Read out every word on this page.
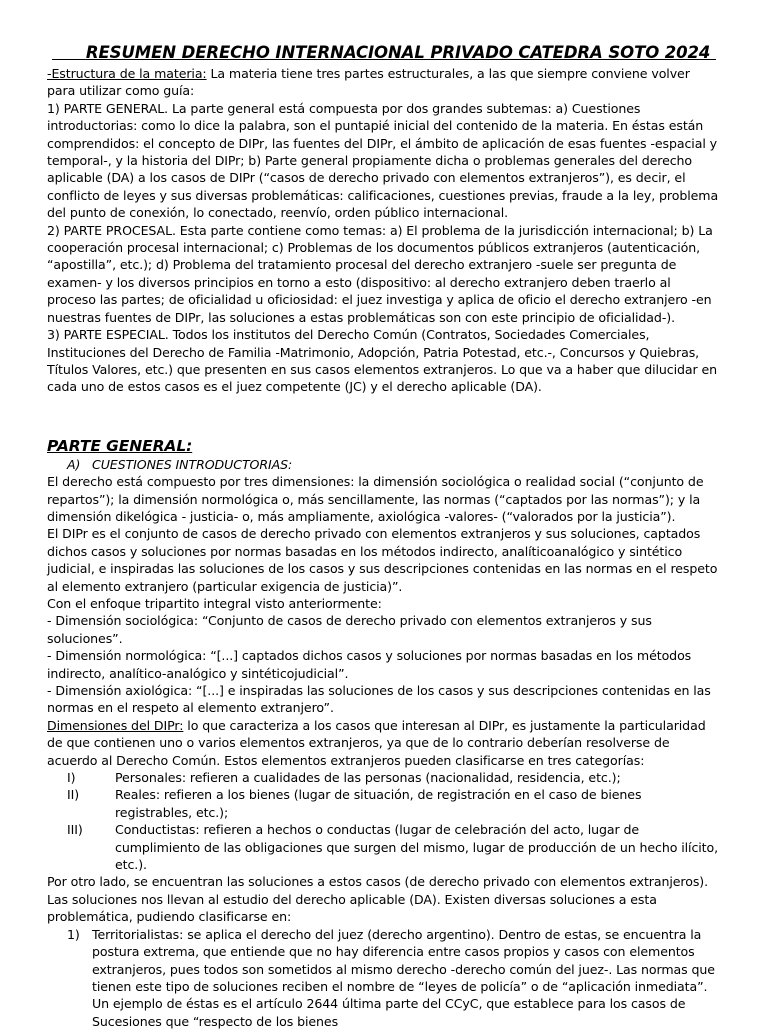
RESUMEN DERECHO INTERNACIONAL PRIVADO CATEDRA SOTO 2024

-Estructura de la materia: La materia tiene tres partes estructurales, a las que siempre conviene volver para utilizar como guía:

1) PARTE GENERAL. La parte general está compuesta por dos grandes subtemas: a) Cuestiones introductorias: como lo dice la palabra, son el puntapié inicial del contenido de la materia. En éstas están comprendidos: el concepto de DIPr, las fuentes del DIPr, el ámbito de aplicación de esas fuentes -espacial y temporal-, y la historia del DIPr; b) Parte general propiamente dicha o problemas generales del derecho aplicable (DA) a los casos de DIPr (“casos de derecho privado con elementos extranjeros”), es decir, el conflicto de leyes y sus diversas problemáticas: calificaciones, cuestiones previas, fraude a la ley, problema del punto de conexión, lo conectado, reenvío, orden público internacional.

2) PARTE PROCESAL. Esta parte contiene como temas: a) El problema de la jurisdicción internacional; b) La cooperación procesal internacional; c) Problemas de los documentos públicos extranjeros (autenticación, “apostilla”, etc.); d) Problema del tratamiento procesal del derecho extranjero -suele ser pregunta de examen- y los diversos principios en torno a esto (dispositivo: al derecho extranjero deben traerlo al proceso las partes; de oficialidad u oficiosidad: el juez investiga y aplica de oficio el derecho extranjero -en nuestras fuentes de DIPr, las soluciones a estas problemáticas son con este principio de oficialidad-).

3) PARTE ESPECIAL. Todos los institutos del Derecho Común (Contratos, Sociedades Comerciales, Instituciones del Derecho de Familia -Matrimonio, Adopción, Patria Potestad, etc.-, Concursos y Quiebras, Títulos Valores, etc.) que presenten en sus casos elementos extranjeros. Lo que va a haber que dilucidar en cada uno de estos casos es el juez competente (JC) y el derecho aplicable (DA).

PARTE GENERAL:

A) CUESTIONES INTRODUCTORIAS:

El derecho está compuesto por tres dimensiones: la dimensión sociológica o realidad social (“conjunto de repartos”); la dimensión normológica o, más sencillamente, las normas (“captados por las normas”); y la dimensión dikelógica - justicia- o, más ampliamente, axiológica -valores- (“valorados por la justicia”).

El DIPr es el conjunto de casos de derecho privado con elementos extranjeros y sus soluciones, captados dichos casos y soluciones por normas basadas en los métodos indirecto, analíticoanalógico y sintético judicial, e inspiradas las soluciones de los casos y sus descripciones contenidas en las normas en el respeto al elemento extranjero (particular exigencia de justicia)”.

Con el enfoque tripartito integral visto anteriormente:

- Dimensión sociológica: “Conjunto de casos de derecho privado con elementos extranjeros y sus soluciones”.

- Dimensión normológica: “[...] captados dichos casos y soluciones por normas basadas en los métodos indirecto, analítico-analógico y sintéticojudicial”.

- Dimensión axiológica: “[...] e inspiradas las soluciones de los casos y sus descripciones contenidas en las normas en el respeto al elemento extranjero”.

Dimensiones del DIPr: lo que caracteriza a los casos que interesan al DIPr, es justamente la particularidad de que contienen uno o varios elementos extranjeros, ya que de lo contrario deberían resolverse de acuerdo al Derecho Común. Estos elementos extranjeros pueden clasificarse en tres categorías:

I)	Personales: refieren a cualidades de las personas (nacionalidad, residencia, etc.);
II)	Reales: refieren a los bienes (lugar de situación, de registración en el caso de bienes registrables, etc.);
III)	Conductistas: refieren a hechos o conductas (lugar de celebración del acto, lugar de cumplimiento de las obligaciones que surgen del mismo, lugar de producción de un hecho ilícito, etc.).

Por otro lado, se encuentran las soluciones a estos casos (de derecho privado con elementos extranjeros). Las soluciones nos llevan al estudio del derecho aplicable (DA). Existen diversas soluciones a esta problemática, pudiendo clasificarse en:

1) Territorialistas: se aplica el derecho del juez (derecho argentino). Dentro de estas, se encuentra la postura extrema, que entiende que no hay diferencia entre casos propios y casos con elementos extranjeros, pues todos son sometidos al mismo derecho -derecho común del juez-. Las normas que tienen este tipo de soluciones reciben el nombre de “leyes de policía” o de “aplicación inmediata”. Un ejemplo de éstas es el artículo 2644 última parte del CCyC, que establece para los casos de Sucesiones que “respecto de los bienes
